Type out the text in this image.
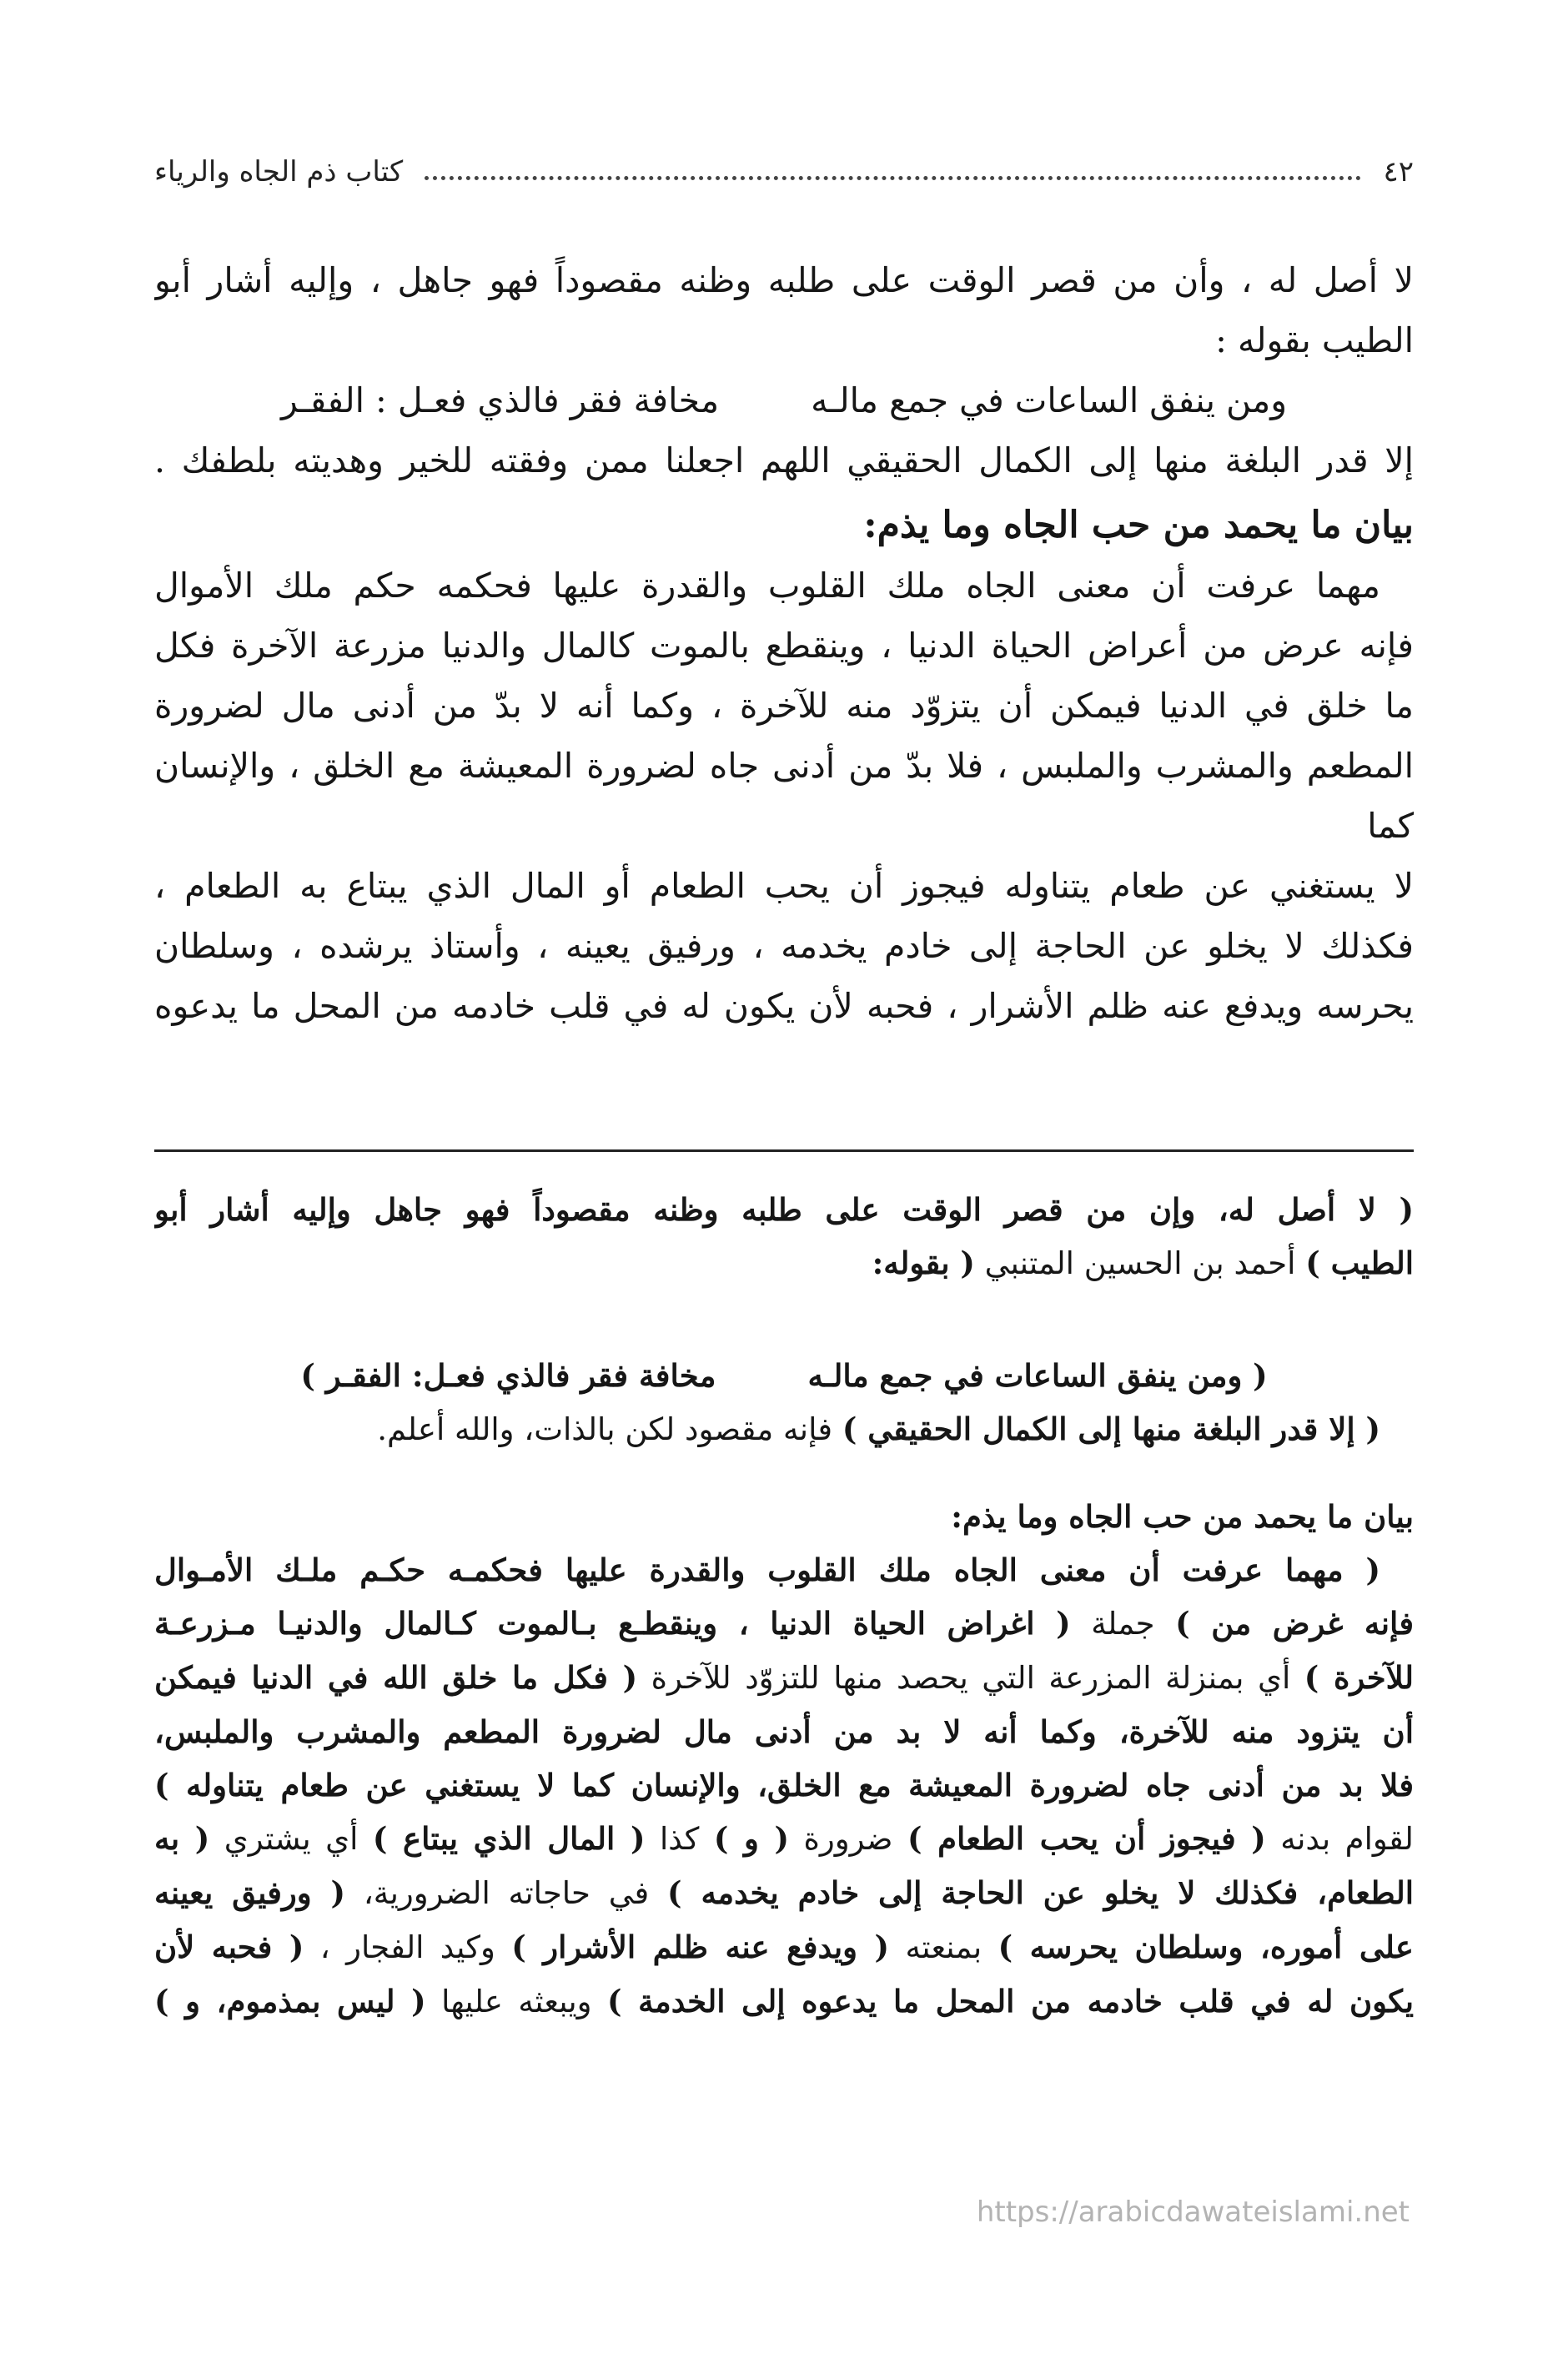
٤٢
كتاب ذم الجاه والرياء
لا أصل له ، وأن من قصر الوقت على طلبه وظنه مقصوداً فهو جاهل ، وإليه أشار أبو
الطيب بقوله :
ومن ينفق الساعات في جمع مالـه
مخافة فقر فالذي فعـل : الفقـر
إلا قدر البلغة منها إلى الكمال الحقيقي اللهم اجعلنا ممن وفقته للخير وهديته بلطفك .
بيان ما يحمد من حب الجاه وما يذم:
مهما عرفت أن معنى الجاه ملك القلوب والقدرة عليها فحكمه حكم ملك الأموال
فإنه عرض من أعراض الحياة الدنيا ، وينقطع بالموت كالمال والدنيا مزرعة الآخرة فكل
ما خلق في الدنيا فيمكن أن يتزوّد منه للآخرة ، وكما أنه لا بدّ من أدنى مال لضرورة
المطعم والمشرب والملبس ، فلا بدّ من أدنى جاه لضرورة المعيشة مع الخلق ، والإنسان كما
لا يستغني عن طعام يتناوله فيجوز أن يحب الطعام أو المال الذي يبتاع به الطعام ،
فكذلك لا يخلو عن الحاجة إلى خادم يخدمه ، ورفيق يعينه ، وأستاذ يرشده ، وسلطان
يحرسه ويدفع عنه ظلم الأشرار ، فحبه لأن يكون له في قلب خادمه من المحل ما يدعوه
( لا أصل له، وإن من قصر الوقت على طلبه وظنه مقصوداً فهو جاهل وإليه أشار أبو
الطيب ) أحمد بن الحسين المتنبي ( بقوله:
( ومن ينفق الساعات في جمع مالـه
مخافة فقر فالذي فعـل: الفقـر )
( إلا قدر البلغة منها إلى الكمال الحقيقي ) فإنه مقصود لكن بالذات، والله أعلم.
بيان ما يحمد من حب الجاه وما يذم:
( مهما عرفت أن معنى الجاه ملك القلوب والقدرة عليها فحكمـه حكـم ملـك الأمـوال
فإنه غرض من ) جملة ( اغراض الحياة الدنيا ، وينقطـع بـالموت كـالمال والدنيـا مـزرعـة
للآخرة ) أي بمنزلة المزرعة التي يحصد منها للتزوّد للآخرة ( فكل ما خلق الله في الدنيا فيمكن
أن يتزود منه للآخرة، وكما أنه لا بد من أدنى مال لضرورة المطعم والمشرب والملبس،
فلا بد من أدنى جاه لضرورة المعيشة مع الخلق، والإنسان كما لا يستغني عن طعام يتناوله )
لقوام بدنه ( فيجوز أن يحب الطعام ) ضرورة ( و ) كذا ( المال الذي يبتاع ) أي يشتري ( به
الطعام، فكذلك لا يخلو عن الحاجة إلى خادم يخدمه ) في حاجاته الضرورية، ( ورفيق يعينه
على أموره، وسلطان يحرسه ) بمنعته ( ويدفع عنه ظلم الأشرار ) وكيد الفجار ، ( فحبه لأن
يكون له في قلب خادمه من المحل ما يدعوه إلى الخدمة ) ويبعثه عليها ( ليس بمذموم، و )
https://arabicdawateislami.net
